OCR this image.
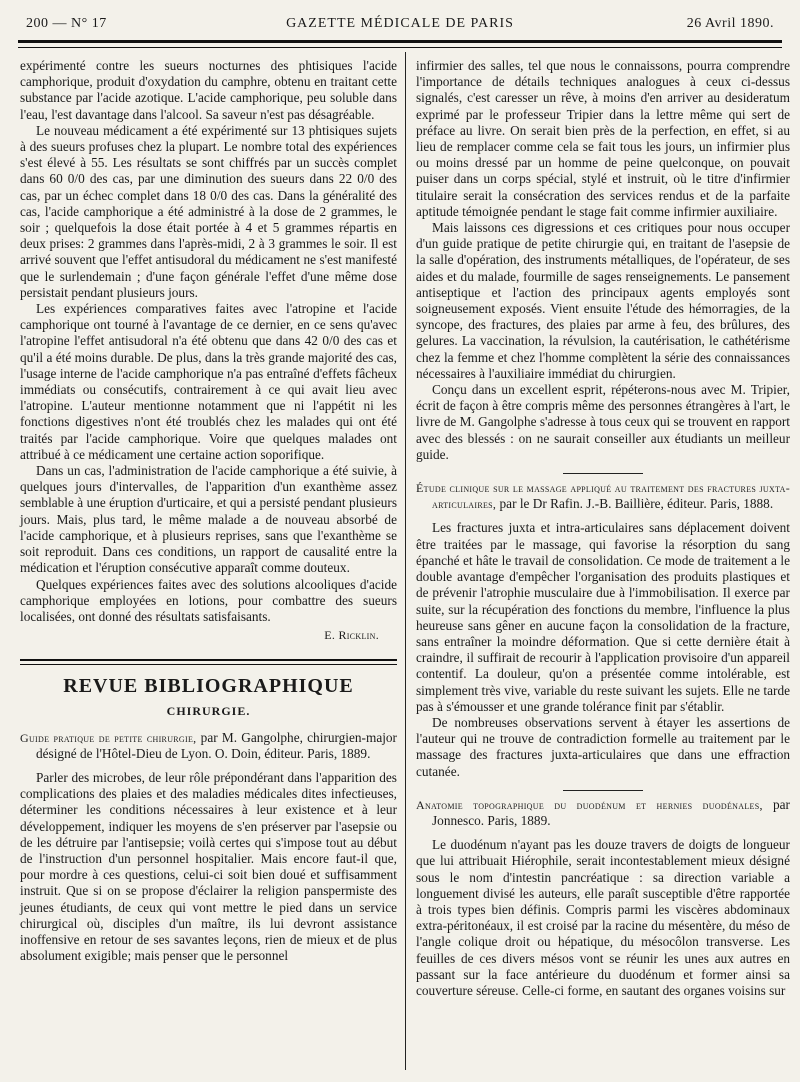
200 — N° 17	GAZETTE MÉDICALE DE PARIS	26 Avril 1890.

expérimenté contre les sueurs nocturnes des phtisiques l'acide camphorique, produit d'oxydation du camphre, obtenu en traitant cette substance par l'acide azotique. L'acide camphorique, peu soluble dans l'eau, l'est davantage dans l'alcool. Sa saveur n'est pas désagréable.

Le nouveau médicament a été expérimenté sur 13 phtisiques sujets à des sueurs profuses chez la plupart. Le nombre total des expériences s'est élevé à 55. Les résultats se sont chiffrés par un succès complet dans 60 0/0 des cas, par une diminution des sueurs dans 22 0/0 des cas, par un échec complet dans 18 0/0 des cas. Dans la généralité des cas, l'acide camphorique a été administré à la dose de 2 grammes, le soir ; quelquefois la dose était portée à 4 et 5 grammes répartis en deux prises: 2 grammes dans l'après-midi, 2 à 3 grammes le soir. Il est arrivé souvent que l'effet antisudoral du médicament ne s'est manifesté que le surlendemain ; d'une façon générale l'effet d'une même dose persistait pendant plusieurs jours.

Les expériences comparatives faites avec l'atropine et l'acide camphorique ont tourné à l'avantage de ce dernier, en ce sens qu'avec l'atropine l'effet antisudoral n'a été obtenu que dans 42 0/0 des cas et qu'il a été moins durable. De plus, dans la très grande majorité des cas, l'usage interne de l'acide camphorique n'a pas entraîné d'effets fâcheux immédiats ou consécutifs, contrairement à ce qui avait lieu avec l'atropine. L'auteur mentionne notamment que ni l'appétit ni les fonctions digestives n'ont été troublés chez les malades qui ont été traités par l'acide camphorique. Voire que quelques malades ont attribué à ce médicament une certaine action soporifique.

Dans un cas, l'administration de l'acide camphorique a été suivie, à quelques jours d'intervalles, de l'apparition d'un exanthème assez semblable à une éruption d'urticaire, et qui a persisté pendant plusieurs jours. Mais, plus tard, le même malade a de nouveau absorbé de l'acide camphorique, et à plusieurs reprises, sans que l'exanthème se soit reproduit. Dans ces conditions, un rapport de causalité entre la médication et l'éruption consécutive apparaît comme douteux.

Quelques expériences faites avec des solutions alcooliques d'acide camphorique employées en lotions, pour combattre des sueurs localisées, ont donné des résultats satisfaisants.

E. Ricklin.

REVUE BIBLIOGRAPHIQUE
CHIRURGIE.

Guide pratique de petite chirurgie, par M. Gangolphe, chirurgien-major désigné de l'Hôtel-Dieu de Lyon. O. Doin, éditeur. Paris, 1889.

Parler des microbes, de leur rôle prépondérant dans l'apparition des complications des plaies et des maladies médicales dites infectieuses, déterminer les conditions nécessaires à leur existence et à leur développement, indiquer les moyens de s'en préserver par l'asepsie ou de les détruire par l'antisepsie; voilà certes qui s'impose tout au début de l'instruction d'un personnel hospitalier. Mais encore faut-il que, pour mordre à ces questions, celui-ci soit bien doué et suffisamment instruit. Que si on se propose d'éclairer la religion panspermiste des jeunes étudiants, de ceux qui vont mettre le pied dans un service chirurgical où, disciples d'un maître, ils lui devront assistance inoffensive en retour de ses savantes leçons, rien de mieux et de plus absolument exigible; mais penser que le personnel

infirmier des salles, tel que nous le connaissons, pourra comprendre l'importance de détails techniques analogues à ceux ci-dessus signalés, c'est caresser un rêve, à moins d'en arriver au desideratum exprimé par le professeur Tripier dans la lettre même qui sert de préface au livre. On serait bien près de la perfection, en effet, si au lieu de remplacer comme cela se fait tous les jours, un infirmier plus ou moins dressé par un homme de peine quelconque, on pouvait puiser dans un corps spécial, stylé et instruit, où le titre d'infirmier titulaire serait la consécration des services rendus et de la parfaite aptitude témoignée pendant le stage fait comme infirmier auxiliaire.

Mais laissons ces digressions et ces critiques pour nous occuper d'un guide pratique de petite chirurgie qui, en traitant de l'asepsie de la salle d'opération, des instruments métalliques, de l'opérateur, de ses aides et du malade, fourmille de sages renseignements. Le pansement antiseptique et l'action des principaux agents employés sont soigneusement exposés. Vient ensuite l'étude des hémorragies, de la syncope, des fractures, des plaies par arme à feu, des brûlures, des gelures. La vaccination, la révulsion, la cautérisation, le cathétérisme chez la femme et chez l'homme complètent la série des connaissances nécessaires à l'auxiliaire immédiat du chirurgien.

Conçu dans un excellent esprit, répéterons-nous avec M. Tripier, écrit de façon à être compris même des personnes étrangères à l'art, le livre de M. Gangolphe s'adresse à tous ceux qui se trouvent en rapport avec des blessés : on ne saurait conseiller aux étudiants un meilleur guide.

Étude clinique sur le massage appliqué au traitement des fractures juxta-articulaires, par le Dr Rafin. J.-B. Baillière, éditeur. Paris, 1888.

Les fractures juxta et intra-articulaires sans déplacement doivent être traitées par le massage, qui favorise la résorption du sang épanché et hâte le travail de consolidation. Ce mode de traitement a le double avantage d'empêcher l'organisation des produits plastiques et de prévenir l'atrophie musculaire due à l'immobilisation. Il exerce par suite, sur la récupération des fonctions du membre, l'influence la plus heureuse sans gêner en aucune façon la consolidation de la fracture, sans entraîner la moindre déformation. Que si cette dernière était à craindre, il suffirait de recourir à l'application provisoire d'un appareil contentif. La douleur, qu'on a présentée comme intolérable, est simplement très vive, variable du reste suivant les sujets. Elle ne tarde pas à s'émousser et une grande tolérance finit par s'établir.

De nombreuses observations servent à étayer les assertions de l'auteur qui ne trouve de contradiction formelle au traitement par le massage des fractures juxta-articulaires que dans une effraction cutanée.

Anatomie topographique du duodénum et hernies duodénales, par Jonnesco. Paris, 1889.

Le duodénum n'ayant pas les douze travers de doigts de longueur que lui attribuait Hiérophile, serait incontestablement mieux désigné sous le nom d'intestin pancréatique : sa direction variable a longuement divisé les auteurs, elle paraît susceptible d'être rapportée à trois types bien définis. Compris parmi les viscères abdominaux extra-péritonéaux, il est croisé par la racine du mésentère, du méso de l'angle colique droit ou hépatique, du mésocôlon transverse. Les feuilles de ces divers mésos vont se réunir les unes aux autres en passant sur la face antérieure du duodénum et former ainsi sa couverture séreuse. Celle-ci forme, en sautant des organes voisins sur
